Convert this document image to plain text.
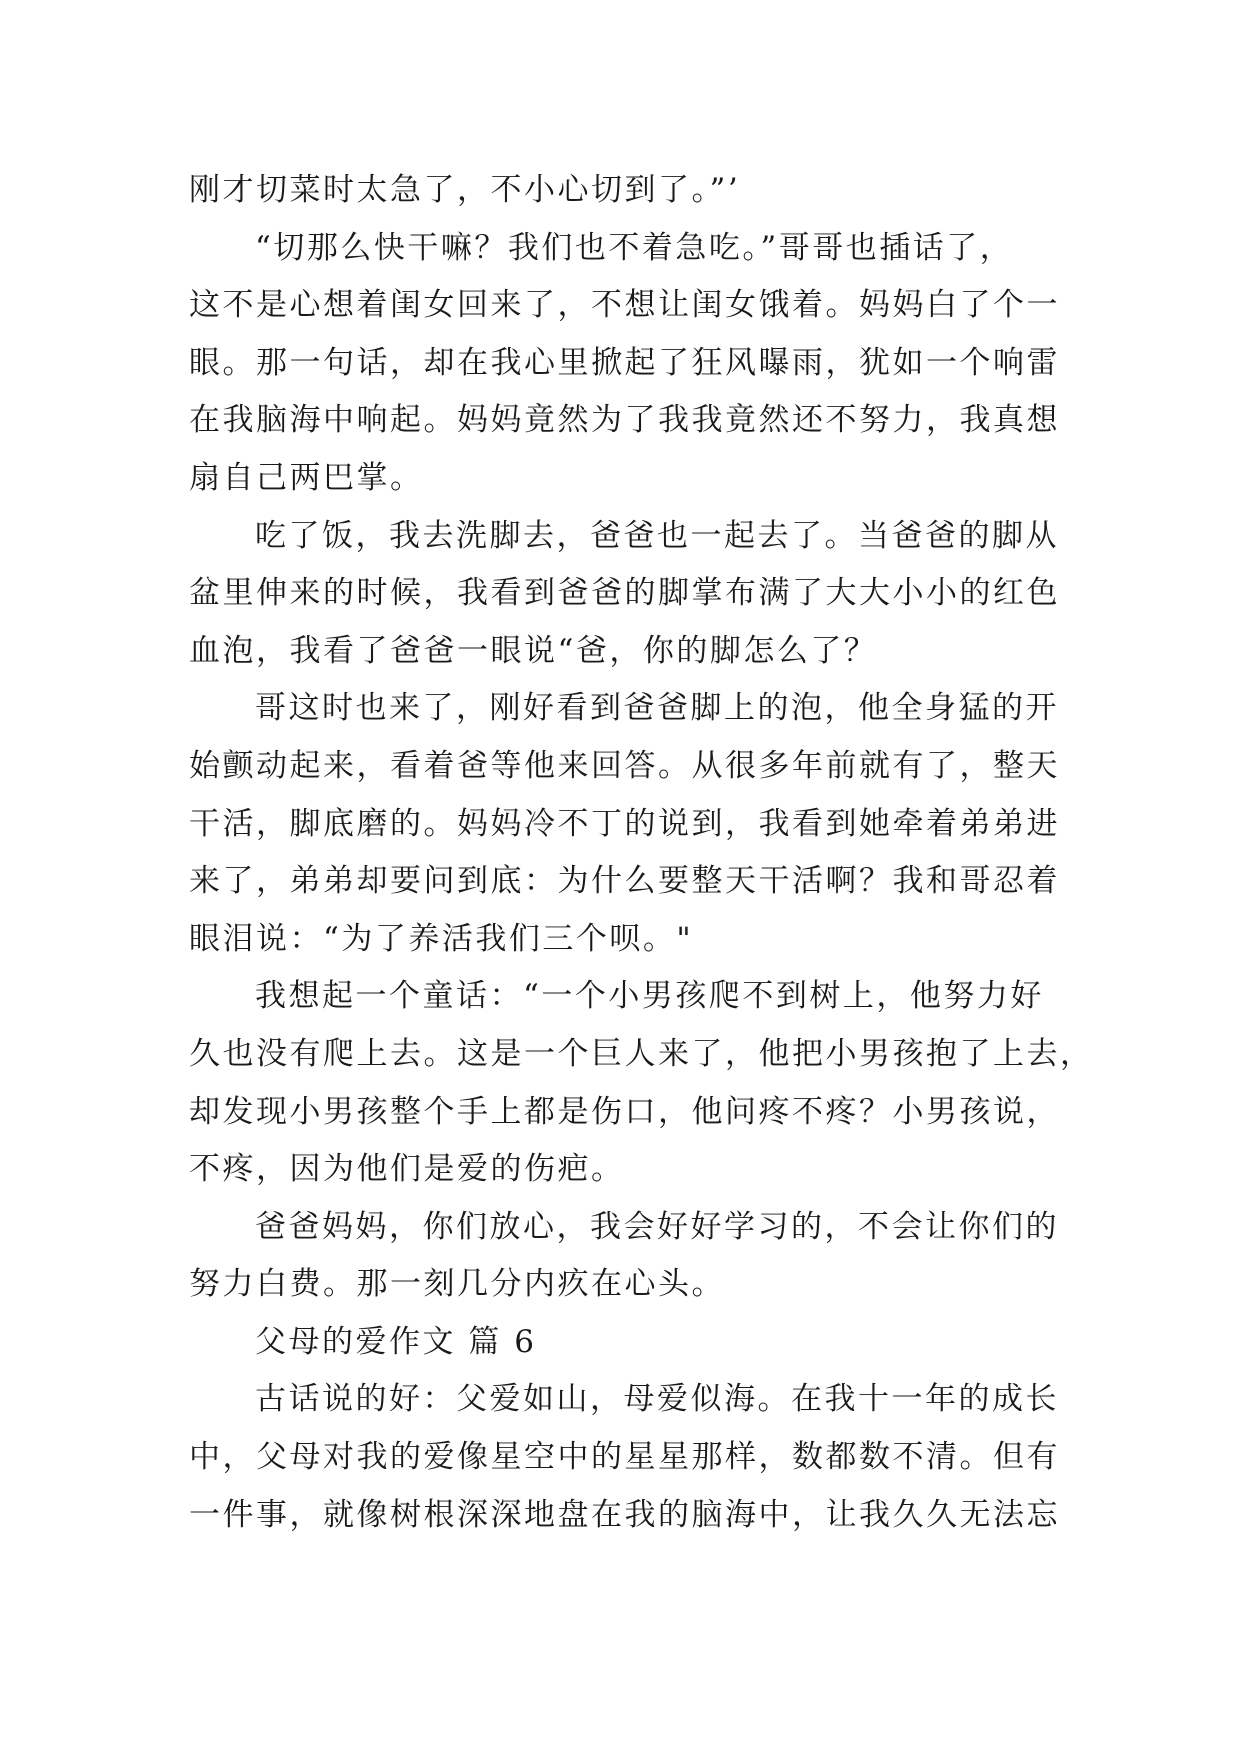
刚才切菜时太急了，不小心切到了。”’
“切那么快干嘛？我们也不着急吃。”哥哥也插话了，
这不是心想着闺女回来了，不想让闺女饿着。妈妈白了个一
眼。那一句话，却在我心里掀起了狂风曝雨，犹如一个响雷
在我脑海中响起。妈妈竟然为了我我竟然还不努力，我真想
扇自己两巴掌。
吃了饭，我去洗脚去，爸爸也一起去了。当爸爸的脚从
盆里伸来的时候，我看到爸爸的脚掌布满了大大小小的红色
血泡，我看了爸爸一眼说“爸，你的脚怎么了？
哥这时也来了，刚好看到爸爸脚上的泡，他全身猛的开
始颤动起来，看着爸等他来回答。从很多年前就有了，整天
干活，脚底磨的。妈妈冷不丁的说到，我看到她牵着弟弟进
来了，弟弟却要问到底：为什么要整天干活啊？我和哥忍着
眼泪说：“为了养活我们三个呗。"
我想起一个童话：“一个小男孩爬不到树上，他努力好
久也没有爬上去。这是一个巨人来了，他把小男孩抱了上去，
却发现小男孩整个手上都是伤口，他问疼不疼？小男孩说，
不疼，因为他们是爱的伤疤。
爸爸妈妈，你们放心，我会好好学习的，不会让你们的
努力白费。那一刻几分内疚在心头。
父母的爱作文 篇 6
古话说的好：父爱如山，母爱似海。在我十一年的成长
中，父母对我的爱像星空中的星星那样，数都数不清。但有
一件事，就像树根深深地盘在我的脑海中，让我久久无法忘
